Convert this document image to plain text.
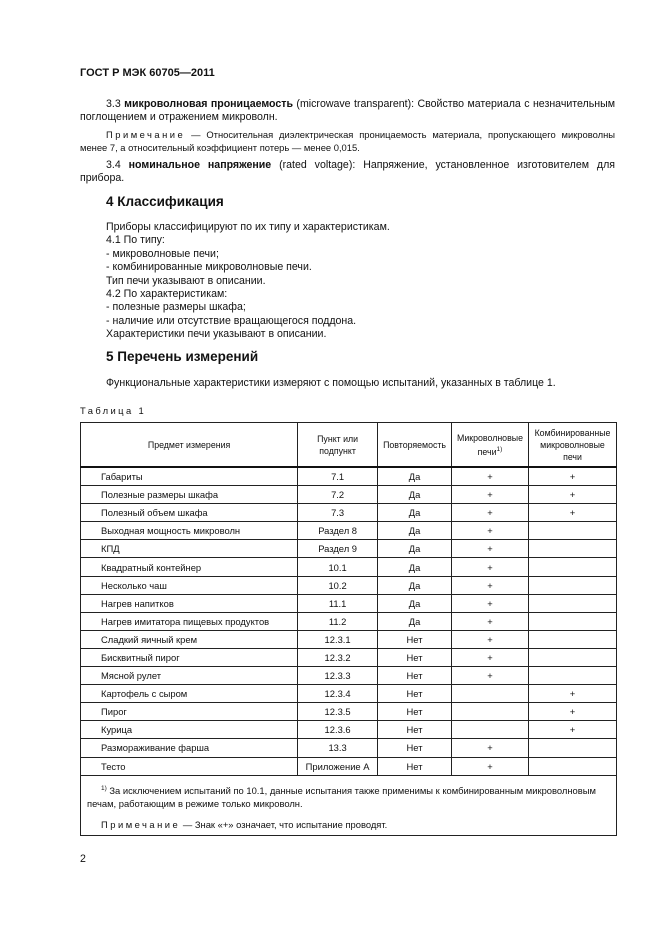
ГОСТ Р МЭК 60705—2011
3.3 микроволновая проницаемость (microwave transparent): Свойство материала с незначительным поглощением и отражением микроволн.
Примечание — Относительная диэлектрическая проницаемость материала, пропускающего микроволны менее 7, а относительный коэффициент потерь — менее 0,015.
3.4 номинальное напряжение (rated voltage): Напряжение, установленное изготовителем для прибора.
4 Классификация
Приборы классифицируют по их типу и характеристикам.
4.1 По типу:
- микроволновые печи;
- комбинированные микроволновые печи.
Тип печи указывают в описании.
4.2 По характеристикам:
- полезные размеры шкафа;
- наличие или отсутствие вращающегося поддона.
Характеристики печи указывают в описании.
5 Перечень измерений
Функциональные характеристики измеряют с помощью испытаний, указанных в таблице 1.
Таблица 1
Предмет измерения	Пункт или подпункт	Повторяемость	Микроволновые печи$^{1)}$	Комбинированные микроволновые печи
Габариты	7.1	Да	+	+
Полезные размеры шкафа	7.2	Да	+	+
Полезный объем шкафа	7.3	Да	+	+
Выходная мощность микроволн	Раздел 8	Да	+	
КПД	Раздел 9	Да	+	
Квадратный контейнер	10.1	Да	+	
Несколько чаш	10.2	Да	+	
Нагрев напитков	11.1	Да	+	
Нагрев имитатора пищевых продуктов	11.2	Да	+	
Сладкий яичный крем	12.3.1	Нет	+	
Бисквитный пирог	12.3.2	Нет	+	
Мясной рулет	12.3.3	Нет	+	
Картофель с сыром	12.3.4	Нет		+
Пирог	12.3.5	Нет		+
Курица	12.3.6	Нет		+
Размораживание фарша	13.3	Нет	+	
Тесто	Приложение А	Нет	+	

$^{1)}$ За исключением испытаний по 10.1, данные испытания также применимы к комбинированным микроволновым печам, работающим в режиме только микроволн.
Примечание — Знак «+» означает, что испытание проводят.				
2
